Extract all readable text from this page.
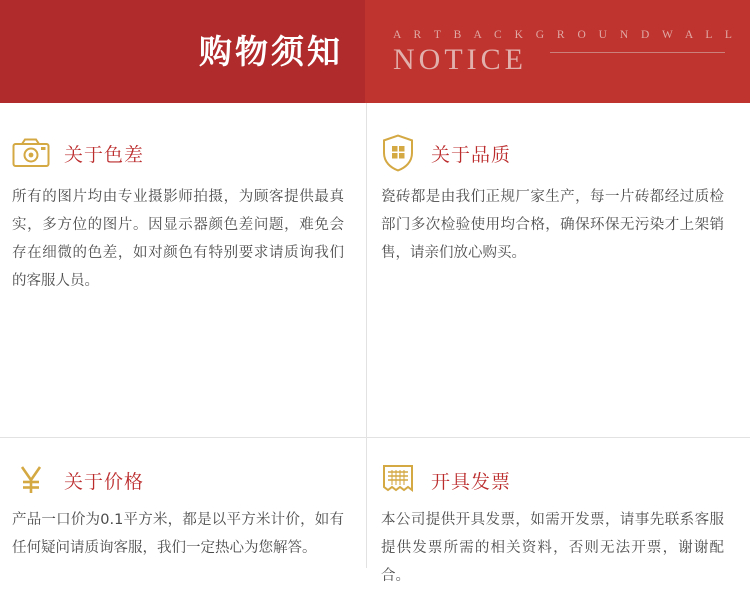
购物须知	A R T B A C K G R O U N D W A L L
NOTICE
关于色差
所有的图片均由专业摄影师拍摄，为顾客提供最真实，多方位的图片。因显示器颜色差问题，难免会存在细微的色差，如对颜色有特别要求请质询我们的客服人员。
关于品质
瓷砖都是由我们正规厂家生产，每一片砖都经过质检部门多次检验使用均合格，确保环保无污染才上架销售，请亲们放心购买。
关于价格
产品一口价为0.1平方米，都是以平方米计价，如有任何疑问请质询客服，我们一定热心为您解答。
开具发票
本公司提供开具发票，如需开发票，请事先联系客服提供发票所需的相关资料，否则无法开票，谢谢配合。
